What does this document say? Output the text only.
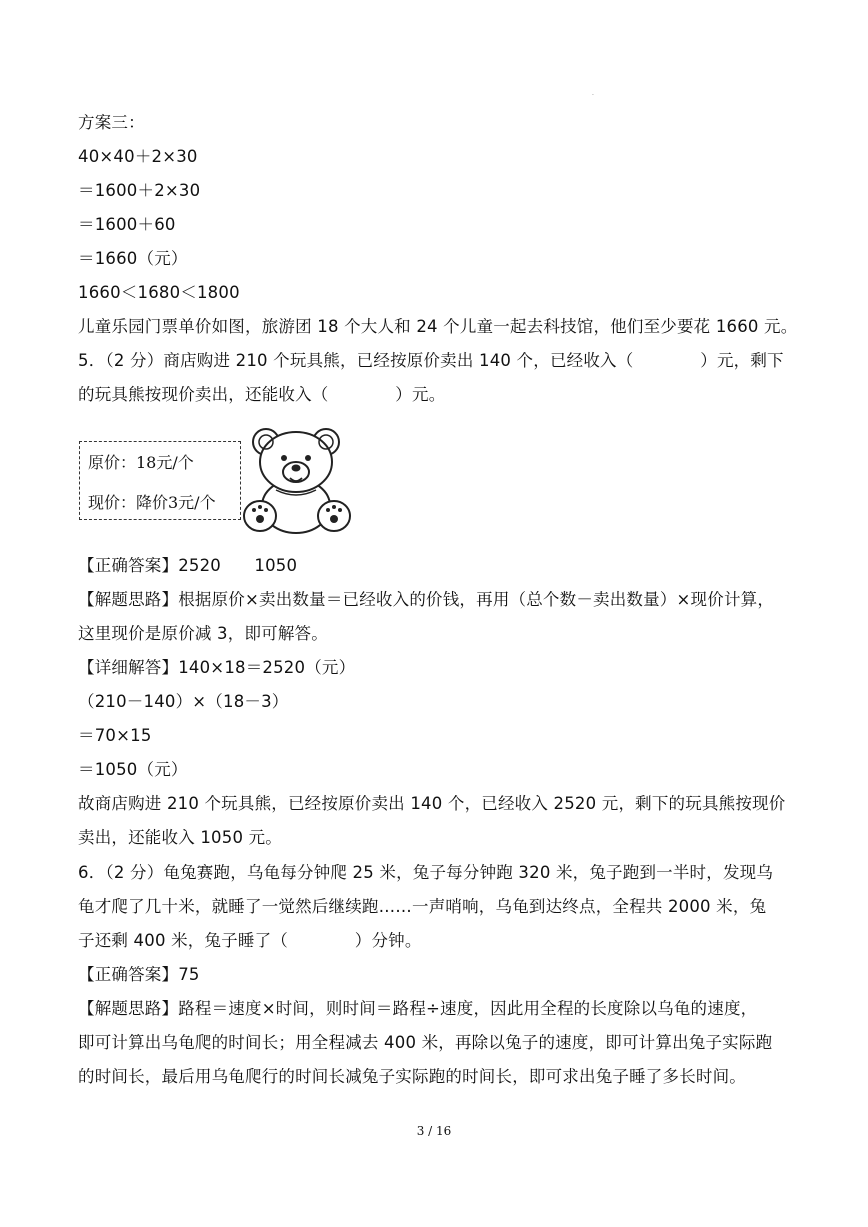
·
方案三：
40×40＋2×30
＝1600＋2×30
＝1600＋60
＝1660（元）
1660＜1680＜1800
儿童乐园门票单价如图，旅游团 18 个大人和 24 个儿童一起去科技馆，他们至少要花 1660 元。
5．（2 分）商店购进 210 个玩具熊，已经按原价卖出 140 个，已经收入（　　　　）元，剩下
的玩具熊按现价卖出，还能收入（　　　　）元。
原价：18元/个
现价：降价3元/个
【正确答案】2520　　1050
【解题思路】根据原价×卖出数量＝已经收入的价钱，再用（总个数－卖出数量）×现价计算，
这里现价是原价减 3，即可解答。
【详细解答】140×18＝2520（元）
（210－140）×（18－3）
＝70×15
＝1050（元）
故商店购进 210 个玩具熊，已经按原价卖出 140 个，已经收入 2520 元，剩下的玩具熊按现价
卖出，还能收入 1050 元。
6．（2 分）龟兔赛跑，乌龟每分钟爬 25 米，兔子每分钟跑 320 米，兔子跑到一半时，发现乌
龟才爬了几十米，就睡了一觉然后继续跑……一声哨响，乌龟到达终点，全程共 2000 米，兔
子还剩 400 米，兔子睡了（　　　　）分钟。
【正确答案】75
【解题思路】路程＝速度×时间，则时间＝路程÷速度，因此用全程的长度除以乌龟的速度，
即可计算出乌龟爬的时间长；用全程减去 400 米，再除以兔子的速度，即可计算出兔子实际跑
的时间长，最后用乌龟爬行的时间长减兔子实际跑的时间长，即可求出兔子睡了多长时间。
3 / 16
